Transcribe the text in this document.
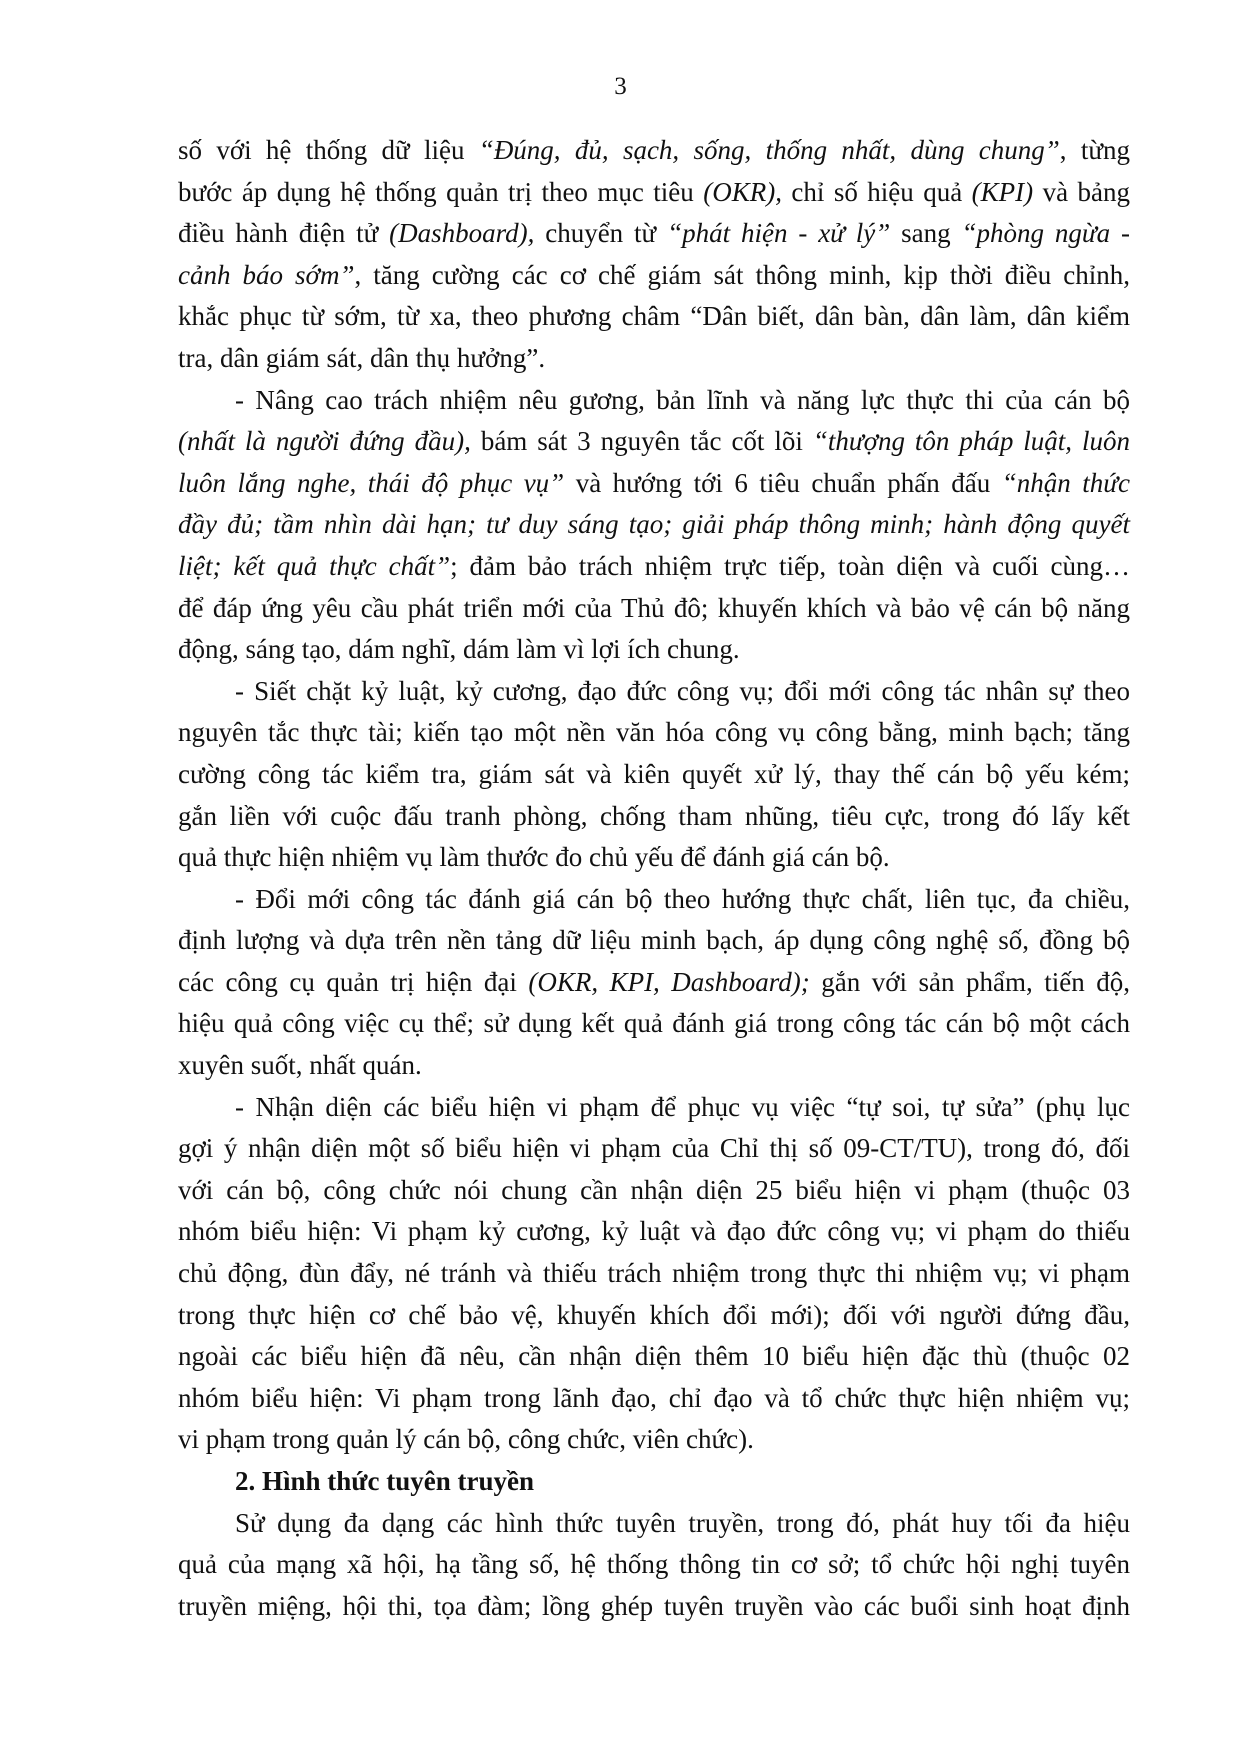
3
số với hệ thống dữ liệu “Đúng, đủ, sạch, sống, thống nhất, dùng chung”, từng
bước áp dụng hệ thống quản trị theo mục tiêu (OKR), chỉ số hiệu quả (KPI) và bảng
điều hành điện tử (Dashboard), chuyển từ “phát hiện - xử lý” sang “phòng ngừa -
cảnh báo sớm”, tăng cường các cơ chế giám sát thông minh, kịp thời điều chỉnh,
khắc phục từ sớm, từ xa, theo phương châm “Dân biết, dân bàn, dân làm, dân kiểm
tra, dân giám sát, dân thụ hưởng”.
- Nâng cao trách nhiệm nêu gương, bản lĩnh và năng lực thực thi của cán bộ
(nhất là người đứng đầu), bám sát 3 nguyên tắc cốt lõi “thượng tôn pháp luật, luôn
luôn lắng nghe, thái độ phục vụ” và hướng tới 6 tiêu chuẩn phấn đấu “nhận thức
đầy đủ; tầm nhìn dài hạn; tư duy sáng tạo; giải pháp thông minh; hành động quyết
liệt; kết quả thực chất”; đảm bảo trách nhiệm trực tiếp, toàn diện và cuối cùng…
để đáp ứng yêu cầu phát triển mới của Thủ đô; khuyến khích và bảo vệ cán bộ năng
động, sáng tạo, dám nghĩ, dám làm vì lợi ích chung.
- Siết chặt kỷ luật, kỷ cương, đạo đức công vụ; đổi mới công tác nhân sự theo
nguyên tắc thực tài; kiến tạo một nền văn hóa công vụ công bằng, minh bạch; tăng
cường công tác kiểm tra, giám sát và kiên quyết xử lý, thay thế cán bộ yếu kém;
gắn liền với cuộc đấu tranh phòng, chống tham nhũng, tiêu cực, trong đó lấy kết
quả thực hiện nhiệm vụ làm thước đo chủ yếu để đánh giá cán bộ.
- Đổi mới công tác đánh giá cán bộ theo hướng thực chất, liên tục, đa chiều,
định lượng và dựa trên nền tảng dữ liệu minh bạch, áp dụng công nghệ số, đồng bộ
các công cụ quản trị hiện đại (OKR, KPI, Dashboard); gắn với sản phẩm, tiến độ,
hiệu quả công việc cụ thể; sử dụng kết quả đánh giá trong công tác cán bộ một cách
xuyên suốt, nhất quán.
- Nhận diện các biểu hiện vi phạm để phục vụ việc “tự soi, tự sửa” (phụ lục
gợi ý nhận diện một số biểu hiện vi phạm của Chỉ thị số 09-CT/TU), trong đó, đối
với cán bộ, công chức nói chung cần nhận diện 25 biểu hiện vi phạm (thuộc 03
nhóm biểu hiện: Vi phạm kỷ cương, kỷ luật và đạo đức công vụ; vi phạm do thiếu
chủ động, đùn đẩy, né tránh và thiếu trách nhiệm trong thực thi nhiệm vụ; vi phạm
trong thực hiện cơ chế bảo vệ, khuyến khích đổi mới); đối với người đứng đầu,
ngoài các biểu hiện đã nêu, cần nhận diện thêm 10 biểu hiện đặc thù (thuộc 02
nhóm biểu hiện: Vi phạm trong lãnh đạo, chỉ đạo và tổ chức thực hiện nhiệm vụ;
vi phạm trong quản lý cán bộ, công chức, viên chức).
2. Hình thức tuyên truyền
Sử dụng đa dạng các hình thức tuyên truyền, trong đó, phát huy tối đa hiệu
quả của mạng xã hội, hạ tầng số, hệ thống thông tin cơ sở; tổ chức hội nghị tuyên
truyền miệng, hội thi, tọa đàm; lồng ghép tuyên truyền vào các buổi sinh hoạt định
